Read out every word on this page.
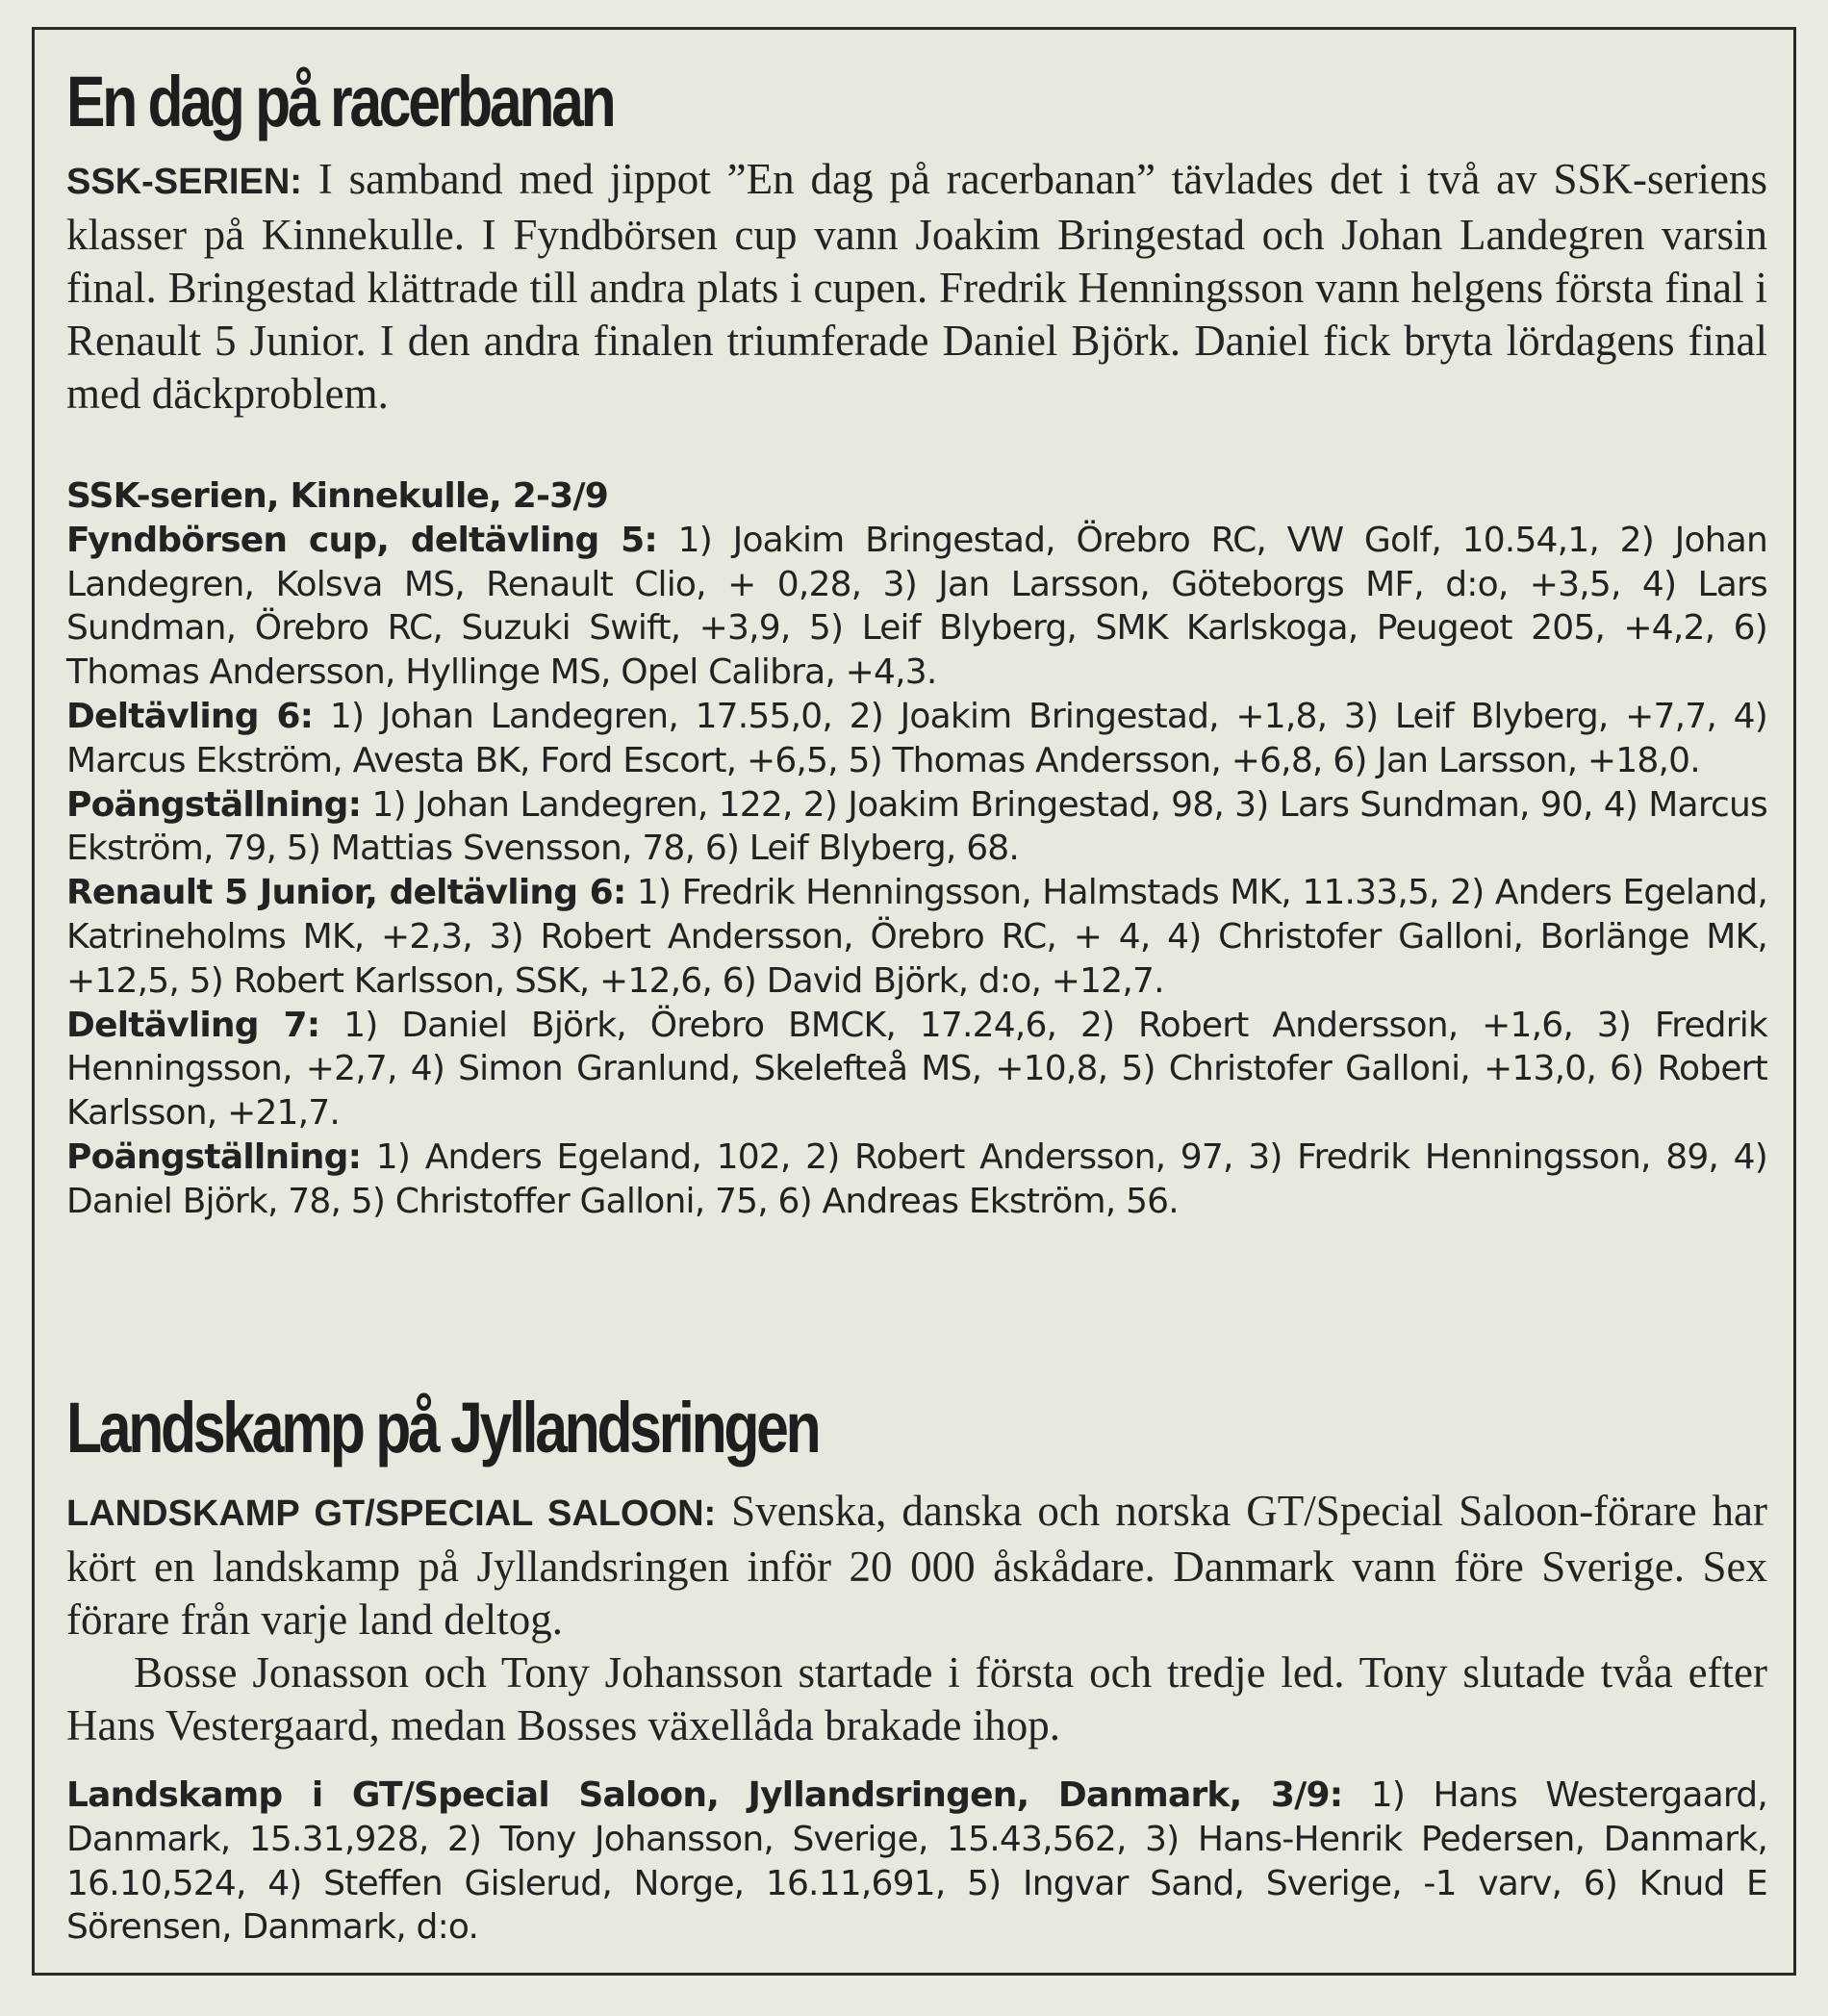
En dag på racerbanan

SSK-SERIEN: I samband med jippot ”En dag på racerbanan” tävlades det i två av SSK-seriens klasser på Kinnekulle. I Fyndbörsen cup vann Joakim Bringestad och Johan Landegren varsin final. Bringestad klättrade till andra plats i cupen. Fredrik Henningsson vann helgens första final i Renault 5 Junior. I den andra finalen triumferade Daniel Björk. Daniel fick bryta lördagens final med däckproblem.

SSK-serien, Kinnekulle, 2-3/9

Fyndbörsen cup, deltävling 5: 1) Joakim Bringestad, Örebro RC, VW Golf, 10.54,1, 2) Johan Landegren, Kolsva MS, Renault Clio, + 0,28, 3) Jan Larsson, Göteborgs MF, d:o, +3,5, 4) Lars Sundman, Örebro RC, Suzuki Swift, +3,9, 5) Leif Blyberg, SMK Karlskoga, Peugeot 205, +4,2, 6) Thomas Andersson, Hyllinge MS, Opel Calibra, +4,3.

Deltävling 6: 1) Johan Landegren, 17.55,0, 2) Joakim Bringestad, +1,8, 3) Leif Blyberg, +7,7, 4) Marcus Ekström, Avesta BK, Ford Escort, +6,5, 5) Thomas Andersson, +6,8, 6) Jan Larsson, +18,0.

Poängställning: 1) Johan Landegren, 122, 2) Joakim Bringestad, 98, 3) Lars Sundman, 90, 4) Marcus Ekström, 79, 5) Mattias Svensson, 78, 6) Leif Blyberg, 68.

Renault 5 Junior, deltävling 6: 1) Fredrik Henningsson, Halmstads MK, 11.33,5, 2) Anders Egeland, Katrineholms MK, +2,3, 3) Robert Andersson, Örebro RC, + 4, 4) Christofer Galloni, Borlänge MK, +12,5, 5) Robert Karlsson, SSK, +12,6, 6) David Björk, d:o, +12,7.

Deltävling 7: 1) Daniel Björk, Örebro BMCK, 17.24,6, 2) Robert Andersson, +1,6, 3) Fredrik Henningsson, +2,7, 4) Simon Granlund, Skelefteå MS, +10,8, 5) Christofer Galloni, +13,0, 6) Robert Karlsson, +21,7.

Poängställning: 1) Anders Egeland, 102, 2) Robert Andersson, 97, 3) Fredrik Henningsson, 89, 4) Daniel Björk, 78, 5) Christoffer Galloni, 75, 6) Andreas Ekström, 56.

Landskamp på Jyllandsringen

LANDSKAMP GT/SPECIAL SALOON: Svenska, danska och norska GT/Special Saloon-förare har kört en landskamp på Jyllandsringen inför 20 000 åskådare. Danmark vann före Sverige. Sex förare från varje land deltog.

Bosse Jonasson och Tony Johansson startade i första och tredje led. Tony slutade tvåa efter Hans Vestergaard, medan Bosses växellåda brakade ihop.

Landskamp i GT/Special Saloon, Jyllandsringen, Danmark, 3/9: 1) Hans Westergaard, Danmark, 15.31,928, 2) Tony Johansson, Sverige, 15.43,562, 3) Hans-Henrik Pedersen, Danmark, 16.10,524, 4) Steffen Gislerud, Norge, 16.11,691, 5) Ingvar Sand, Sverige, -1 varv, 6) Knud E Sörensen, Danmark, d:o.
